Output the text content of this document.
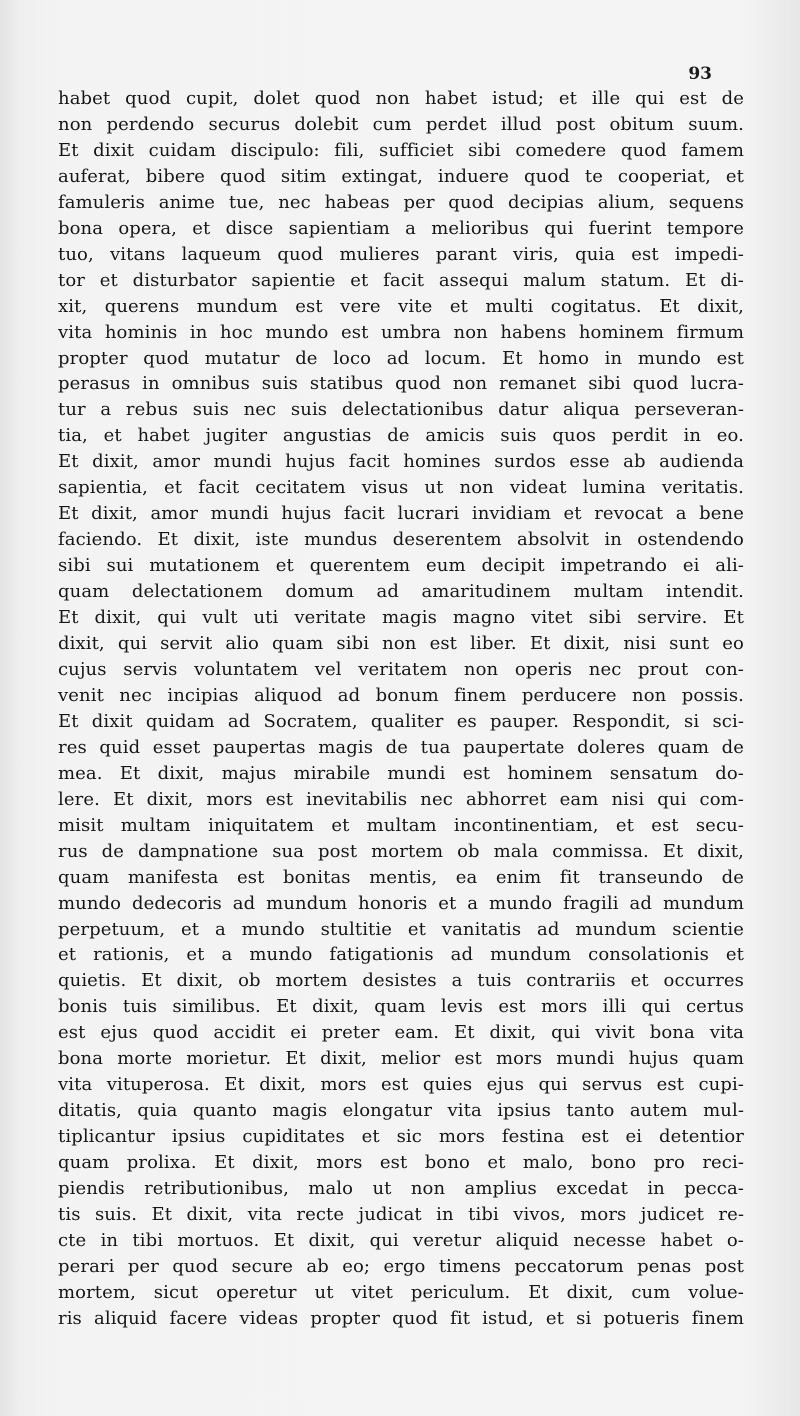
93
habet quod cupit, dolet quod non habet istud; et ille qui est de
non perdendo securus dolebit cum perdet illud post obitum suum.
Et dixit cuidam discipulo: fili, sufficiet sibi comedere quod famem
auferat, bibere quod sitim extingat, induere quod te cooperiat, et
famuleris anime tue, nec habeas per quod decipias alium, sequens
bona opera, et disce sapientiam a melioribus qui fuerint tempore
tuo, vitans laqueum quod mulieres parant viris, quia est impedi-
tor et disturbator sapientie et facit assequi malum statum. Et di-
xit, querens mundum est vere vite et multi cogitatus. Et dixit,
vita hominis in hoc mundo est umbra non habens hominem firmum
propter quod mutatur de loco ad locum. Et homo in mundo est
perasus in omnibus suis statibus quod non remanet sibi quod lucra-
tur a rebus suis nec suis delectationibus datur aliqua perseveran-
tia, et habet jugiter angustias de amicis suis quos perdit in eo.
Et dixit, amor mundi hujus facit homines surdos esse ab audienda
sapientia, et facit cecitatem visus ut non videat lumina veritatis.
Et dixit, amor mundi hujus facit lucrari invidiam et revocat a bene
faciendo. Et dixit, iste mundus deserentem absolvit in ostendendo
sibi sui mutationem et querentem eum decipit impetrando ei ali-
quam delectationem domum ad amaritudinem multam intendit.
Et dixit, qui vult uti veritate magis magno vitet sibi servire. Et
dixit, qui servit alio quam sibi non est liber. Et dixit, nisi sunt eo
cujus servis voluntatem vel veritatem non operis nec prout con-
venit nec incipias aliquod ad bonum finem perducere non possis.
Et dixit quidam ad Socratem, qualiter es pauper. Respondit, si sci-
res quid esset paupertas magis de tua paupertate doleres quam de
mea. Et dixit, majus mirabile mundi est hominem sensatum do-
lere. Et dixit, mors est inevitabilis nec abhorret eam nisi qui com-
misit multam iniquitatem et multam incontinentiam, et est secu-
rus de dampnatione sua post mortem ob mala commissa. Et dixit,
quam manifesta est bonitas mentis, ea enim fit transeundo de
mundo dedecoris ad mundum honoris et a mundo fragili ad mundum
perpetuum, et a mundo stultitie et vanitatis ad mundum scientie
et rationis, et a mundo fatigationis ad mundum consolationis et
quietis. Et dixit, ob mortem desistes a tuis contrariis et occurres
bonis tuis similibus. Et dixit, quam levis est mors illi qui certus
est ejus quod accidit ei preter eam. Et dixit, qui vivit bona vita
bona morte morietur. Et dixit, melior est mors mundi hujus quam
vita vituperosa. Et dixit, mors est quies ejus qui servus est cupi-
ditatis, quia quanto magis elongatur vita ipsius tanto autem mul-
tiplicantur ipsius cupiditates et sic mors festina est ei detentior
quam prolixa. Et dixit, mors est bono et malo, bono pro reci-
piendis retributionibus, malo ut non amplius excedat in pecca-
tis suis. Et dixit, vita recte judicat in tibi vivos, mors judicet re-
cte in tibi mortuos. Et dixit, qui veretur aliquid necesse habet o-
perari per quod secure ab eo; ergo timens peccatorum penas post
mortem, sicut operetur ut vitet periculum. Et dixit, cum volue-
ris aliquid facere videas propter quod fit istud, et si potueris finem
